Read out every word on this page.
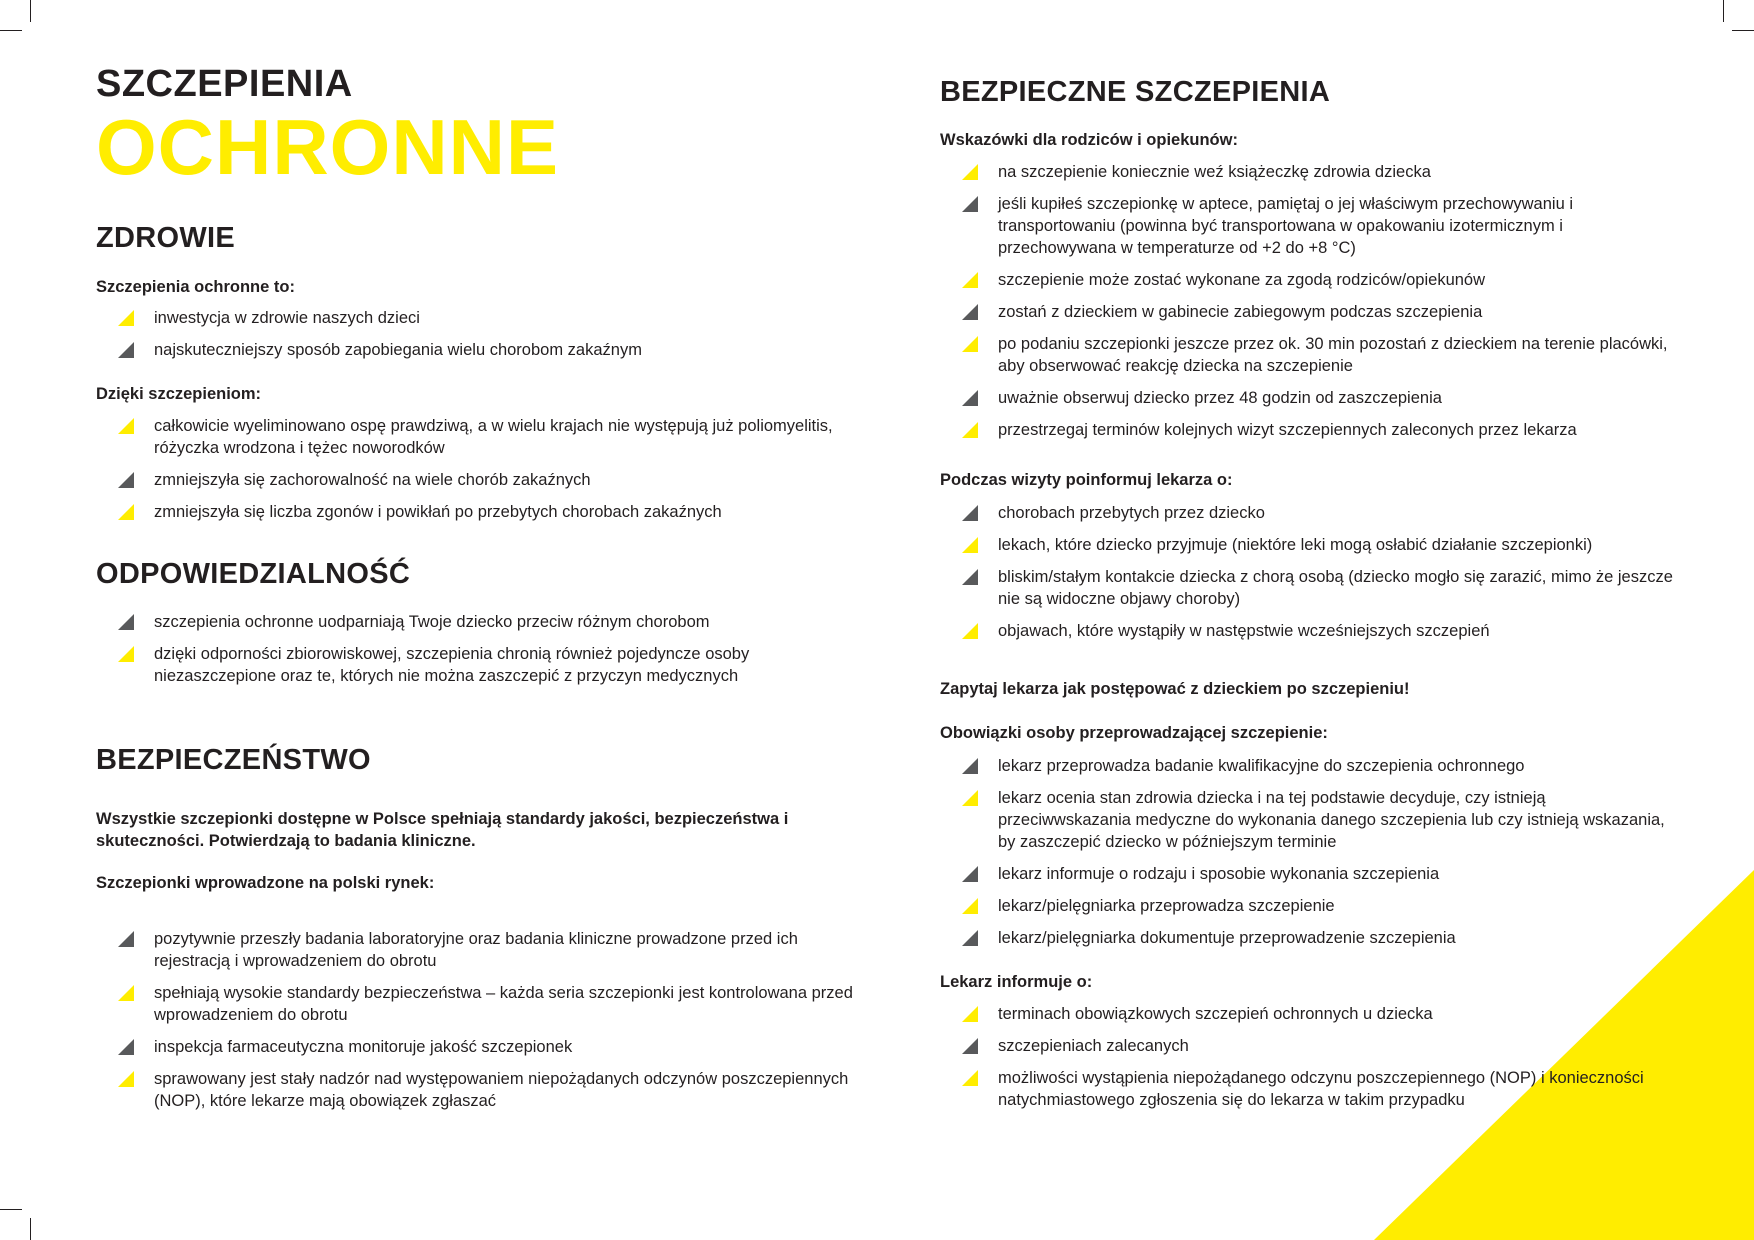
SZCZEPIENIA
OCHRONNE
ZDROWIE
Szczepienia ochronne to:
inwestycja w zdrowie naszych dzieci
najskuteczniejszy sposób zapobiegania wielu chorobom zakaźnym
Dzięki szczepieniom:
całkowicie wyeliminowano ospę prawdziwą, a w wielu krajach nie występują już poliomyelitis, różyczka wrodzona i tężec noworodków
zmniejszyła się zachorowalność na wiele chorób zakaźnych
zmniejszyła się liczba zgonów i powikłań po przebytych chorobach zakaźnych
ODPOWIEDZIALNOŚĆ
szczepienia ochronne uodparniają Twoje dziecko przeciw różnym chorobom
dzięki odporności zbiorowiskowej, szczepienia chronią również pojedyncze osoby niezaszczepione oraz te, których nie można zaszczepić z przyczyn medycznych
BEZPIECZEŃSTWO
Wszystkie szczepionki dostępne w Polsce spełniają standardy jakości, bezpieczeństwa i skuteczności. Potwierdzają to badania kliniczne.
Szczepionki wprowadzone na polski rynek:
pozytywnie przeszły badania laboratoryjne oraz badania kliniczne prowadzone przed ich rejestracją i wprowadzeniem do obrotu
spełniają wysokie standardy bezpieczeństwa – każda seria szczepionki jest kontrolowana przed wprowadzeniem do obrotu
inspekcja farmaceutyczna monitoruje jakość szczepionek
sprawowany jest stały nadzór nad występowaniem niepożądanych odczynów poszczepiennych (NOP), które lekarze mają obowiązek zgłaszać
BEZPIECZNE SZCZEPIENIA
Wskazówki dla rodziców i opiekunów:
na szczepienie koniecznie weź książeczkę zdrowia dziecka
jeśli kupiłeś szczepionkę w aptece, pamiętaj o jej właściwym przechowywaniu i transportowaniu (powinna być transportowana w opakowaniu izotermicznym i przechowywana w temperaturze od +2 do +8 °C)
szczepienie może zostać wykonane za zgodą rodziców/opiekunów
zostań z dzieckiem w gabinecie zabiegowym podczas szczepienia
po podaniu szczepionki jeszcze przez ok. 30 min pozostań z dzieckiem na terenie placówki, aby obserwować reakcję dziecka na szczepienie
uważnie obserwuj dziecko przez 48 godzin od zaszczepienia
przestrzegaj terminów kolejnych wizyt szczepiennych zaleconych przez lekarza
Podczas wizyty poinformuj lekarza o:
chorobach przebytych przez dziecko
lekach, które dziecko przyjmuje (niektóre leki mogą osłabić działanie szczepionki)
bliskim/stałym kontakcie dziecka z chorą osobą (dziecko mogło się zarazić, mimo że jeszcze nie są widoczne objawy choroby)
objawach, które wystąpiły w następstwie wcześniejszych szczepień
Zapytaj lekarza jak postępować z dzieckiem po szczepieniu!
Obowiązki osoby przeprowadzającej szczepienie:
lekarz przeprowadza badanie kwalifikacyjne do szczepienia ochronnego
lekarz ocenia stan zdrowia dziecka i na tej podstawie decyduje, czy istnieją przeciwwskazania medyczne do wykonania danego szczepienia lub czy istnieją wskazania, by zaszczepić dziecko w późniejszym terminie
lekarz informuje o rodzaju i sposobie wykonania szczepienia
lekarz/pielęgniarka przeprowadza szczepienie
lekarz/pielęgniarka dokumentuje przeprowadzenie szczepienia
Lekarz informuje o:
terminach obowiązkowych szczepień ochronnych u dziecka
szczepieniach zalecanych
możliwości wystąpienia niepożądanego odczynu poszczepiennego (NOP) i konieczności natychmiastowego zgłoszenia się do lekarza w takim przypadku
